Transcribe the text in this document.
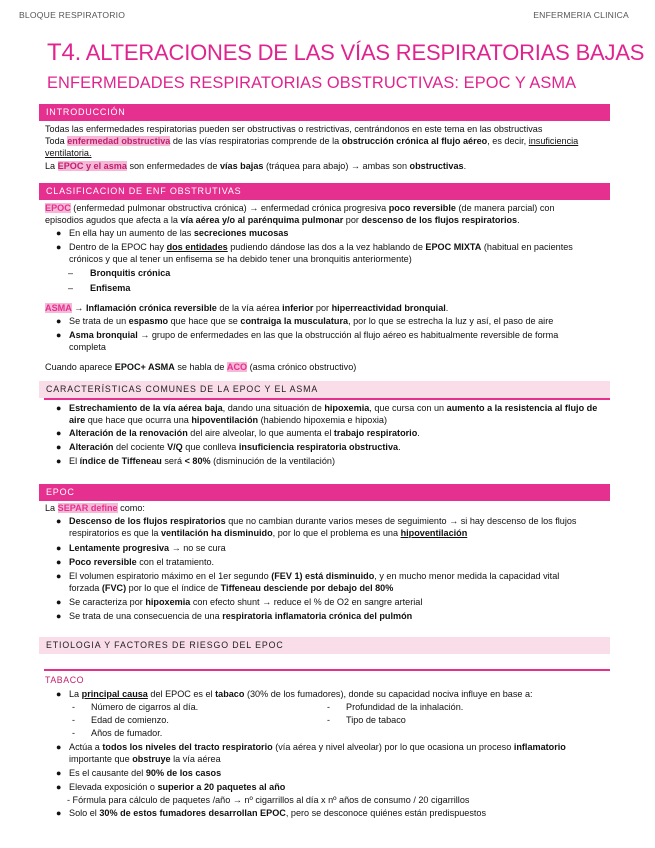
BLOQUE RESPIRATORIO	ENFERMERIA CLINICA
T4. ALTERACIONES DE LAS VÍAS RESPIRATORIAS BAJAS
ENFERMEDADES RESPIRATORIAS OBSTRUCTIVAS: EPOC Y ASMA
INTRODUCCIÓN
Todas las enfermedades respiratorias pueden ser obstructivas o restrictivas, centrándonos en este tema en las obstructivas
Toda enfermedad obstructiva de las vías respiratorias comprende de la obstrucción crónica al flujo aéreo, es decir, insuficiencia
ventilatoria.
La EPOC y el asma son enfermedades de vías bajas (tráquea para abajo) → ambas son obstructivas.
CLASIFICACION DE ENF OBSTRUTIVAS
EPOC (enfermedad pulmonar obstructiva crónica) → enfermedad crónica progresiva poco reversible (de manera parcial) con
episodios agudos que afecta a la vía aérea y/o al parénquima pulmonar por descenso de los flujos respiratorios.
● En ella hay un aumento de las secreciones mucosas
● Dentro de la EPOC hay dos entidades pudiendo dándose las dos a la vez hablando de EPOC MIXTA (habitual en pacientes
crónicos y que al tener un enfisema se ha debido tener una bronquitis anteriormente)
– Bronquitis crónica
– Enfisema
ASMA → Inflamación crónica reversible de la vía aérea inferior por hiperreactividad bronquial.
● Se trata de un espasmo que hace que se contraiga la musculatura, por lo que se estrecha la luz y así, el paso de aire
● Asma bronquial → grupo de enfermedades en las que la obstrucción al flujo aéreo es habitualmente reversible de forma
completa
Cuando aparece EPOC+ ASMA se habla de ACO (asma crónico obstructivo)
CARACTERÍSTICAS COMUNES DE LA EPOC Y EL ASMA
● Estrechamiento de la vía aérea baja, dando una situación de hipoxemia, que cursa con un aumento a la resistencia al flujo de
aire que hace que ocurra una hipoventilación (habiendo hipoxemia e hipoxia)
● Alteración de la renovación del aire alveolar, lo que aumenta el trabajo respiratorio.
● Alteración del cociente V/Q que conlleva insuficiencia respiratoria obstructiva.
● El índice de Tiffeneau será < 80% (disminución de la ventilación)
EPOC
La SEPAR define como:
● Descenso de los flujos respiratorios que no cambian durante varios meses de seguimiento → si hay descenso de los flujos
respiratorios es que la ventilación ha disminuido, por lo que el problema es una hipoventilación
● Lentamente progresiva → no se cura
● Poco reversible con el tratamiento.
● El volumen espiratorio máximo en el 1er segundo (FEV 1) está disminuido, y en mucho menor medida la capacidad vital
forzada (FVC) por lo que el índice de Tiffeneau desciende por debajo del 80%
● Se caracteriza por hipoxemia con efecto shunt → reduce el % de O2 en sangre arterial
● Se trata de una consecuencia de una respiratoria inflamatoria crónica del pulmón
ETIOLOGIA Y FACTORES DE RIESGO DEL EPOC
TABACO
● La principal causa del EPOC es el tabaco (30% de los fumadores), donde su capacidad nociva influye en base a:
- Número de cigarros al día.	- Profundidad de la inhalación.
- Edad de comienzo.	- Tipo de tabaco
- Años de fumador.
● Actúa a todos los niveles del tracto respiratorio (vía aérea y nivel alveolar) por lo que ocasiona un proceso inflamatorio
importante que obstruye la vía aérea
● Es el causante del 90% de los casos
● Elevada exposición o superior a 20 paquetes al año
- Fórmula para cálculo de paquetes /año → nº cigarrillos al día x nº años de consumo / 20 cigarrillos
● Solo el 30% de estos fumadores desarrollan EPOC, pero se desconoce quiénes están predispuestos
